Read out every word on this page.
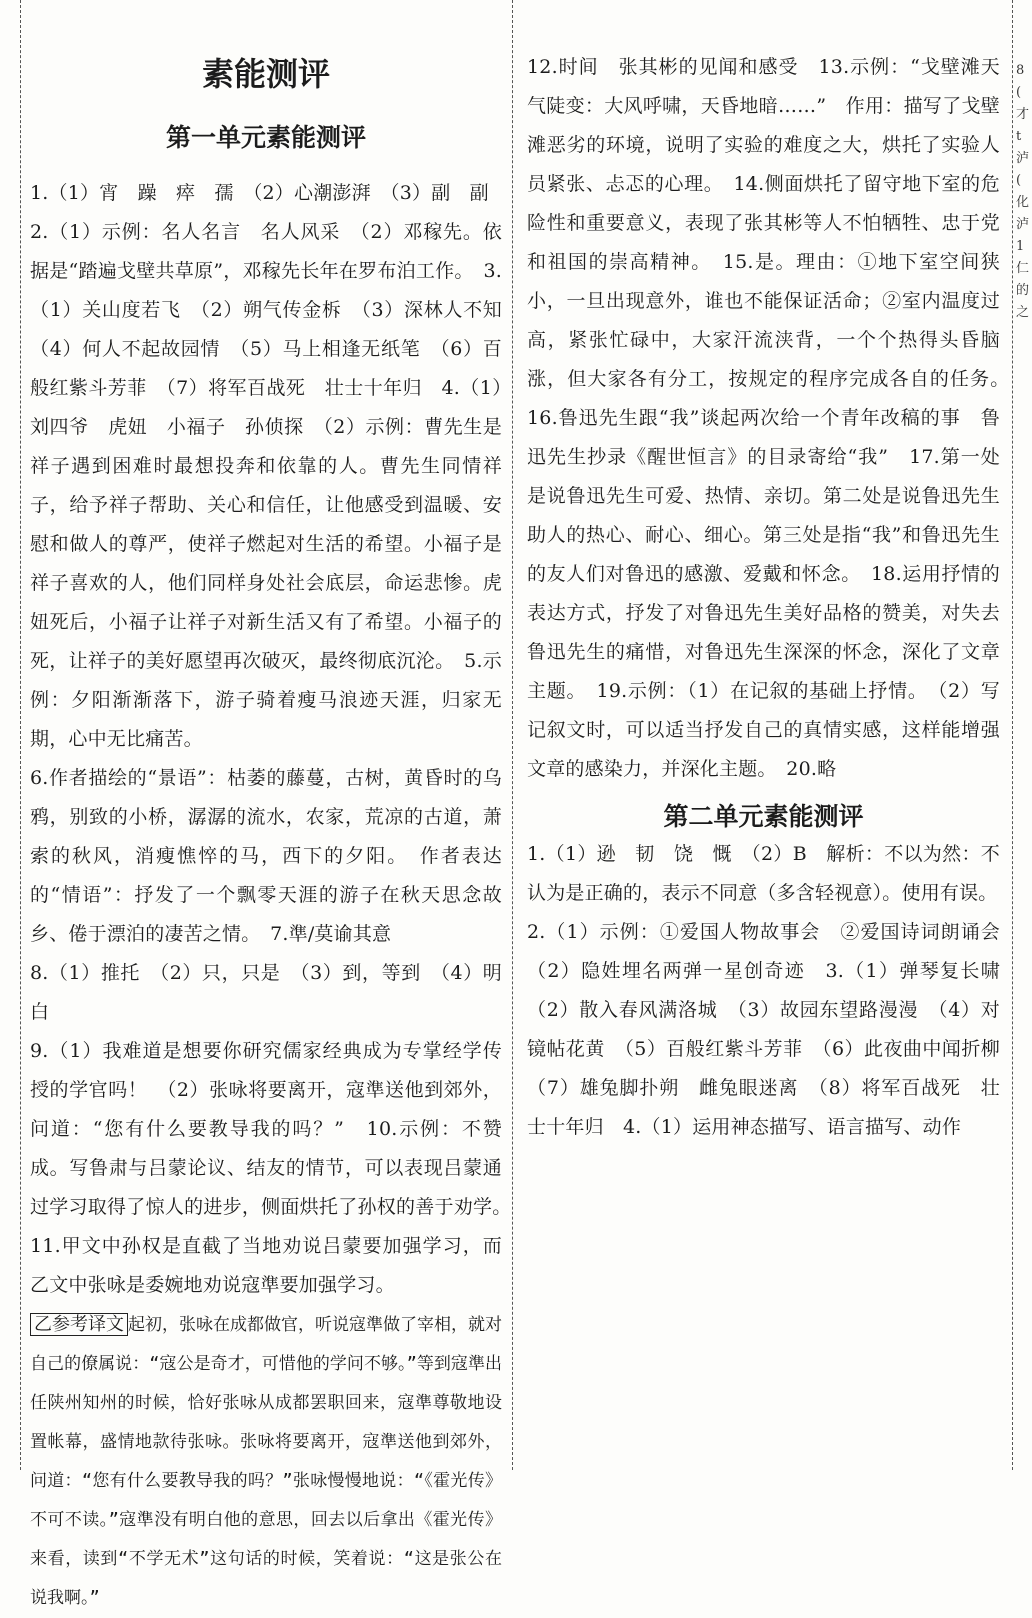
8 ( 才 t 泸 ( 化 泸 1 仁 的 之
素能测评
第一单元素能测评

1.（1）宵　躁　瘁　孺　（2）心潮澎湃　（3）副　副

2.（1）示例：名人名言　名人风采　（2）邓稼先。依据是“踏遍戈壁共草原”，邓稼先长年在罗布泊工作。　3.（1）关山度若飞　（2）朔气传金柝　（3）深林人不知　（4）何人不起故园情　（5）马上相逢无纸笔　（6）百般红紫斗芳菲　（7）将军百战死　壮士十年归　4.（1）刘四爷　虎妞　小福子　孙侦探　（2）示例：曹先生是祥子遇到困难时最想投奔和依靠的人。曹先生同情祥子，给予祥子帮助、关心和信任，让他感受到温暖、安慰和做人的尊严，使祥子燃起对生活的希望。小福子是祥子喜欢的人，他们同样身处社会底层，命运悲惨。虎妞死后，小福子让祥子对新生活又有了希望。小福子的死，让祥子的美好愿望再次破灭，最终彻底沉沦。　5.示例：夕阳渐渐落下，游子骑着瘦马浪迹天涯，归家无期，心中无比痛苦。

6.作者描绘的“景语”：枯萎的藤蔓，古树，黄昏时的乌鸦，别致的小桥，潺潺的流水，农家，荒凉的古道，萧索的秋风，消瘦憔悴的马，西下的夕阳。　作者表达的“情语”：抒发了一个飘零天涯的游子在秋天思念故乡、倦于漂泊的凄苦之情。　7.準/莫谕其意

8.（1）推托　（2）只，只是　（3）到，等到　（4）明白

9.（1）我难道是想要你研究儒家经典成为专掌经学传授的学官吗！　（2）张咏将要离开，寇準送他到郊外，问道：“您有什么要教导我的吗？”　10.示例：不赞成。写鲁肃与吕蒙论议、结友的情节，可以表现吕蒙通过学习取得了惊人的进步，侧面烘托了孙权的善于劝学。　11.甲文中孙权是直截了当地劝说吕蒙要加强学习，而乙文中张咏是委婉地劝说寇準要加强学习。

乙参考译文 起初，张咏在成都做官，听说寇準做了宰相，就对自己的僚属说：“寇公是奇才，可惜他的学问不够。”等到寇準出任陕州知州的时候，恰好张咏从成都罢职回来，寇準尊敬地设置帐幕，盛情地款待张咏。张咏将要离开，寇準送他到郊外，问道：“您有什么要教导我的吗？”张咏慢慢地说：“《霍光传》不可不读。”寇準没有明白他的意思，回去以后拿出《霍光传》来看，读到“不学无术”这句话的时候，笑着说：“这是张公在说我啊。”

12.时间　张其彬的见闻和感受　13.示例：“戈壁滩天气陡变：大风呼啸，天昏地暗……”　作用：描写了戈壁滩恶劣的环境，说明了实验的难度之大，烘托了实验人员紧张、忐忑的心理。　14.侧面烘托了留守地下室的危险性和重要意义，表现了张其彬等人不怕牺牲、忠于党和祖国的崇高精神。　15.是。理由：①地下室空间狭小，一旦出现意外，谁也不能保证活命；②室内温度过高，紧张忙碌中，大家汗流浃背，一个个热得头昏脑涨，但大家各有分工，按规定的程序完成各自的任务。　16.鲁迅先生跟“我”谈起两次给一个青年改稿的事　鲁迅先生抄录《醒世恒言》的目录寄给“我”　17.第一处是说鲁迅先生可爱、热情、亲切。第二处是说鲁迅先生助人的热心、耐心、细心。第三处是指“我”和鲁迅先生的友人们对鲁迅的感激、爱戴和怀念。　18.运用抒情的表达方式，抒发了对鲁迅先生美好品格的赞美，对失去鲁迅先生的痛惜，对鲁迅先生深深的怀念，深化了文章主题。　19.示例：（1）在记叙的基础上抒情。　（2）写记叙文时，可以适当抒发自己的真情实感，这样能增强文章的感染力，并深化主题。　20.略

第二单元素能测评

1.（1）逊　韧　饶　慨　（2）B　解析：不以为然：不认为是正确的，表示不同意（多含轻视意）。使用有误。

2.（1）示例：①爱国人物故事会　②爱国诗词朗诵会　（2）隐姓埋名两弹一星创奇迹　3.（1）弹琴复长啸　（2）散入春风满洛城　（3）故园东望路漫漫　（4）对镜帖花黄　（5）百般红紫斗芳菲　（6）此夜曲中闻折柳　（7）雄兔脚扑朔　雌兔眼迷离　（8）将军百战死　壮士十年归　4.（1）运用神态描写、语言描写、动作
